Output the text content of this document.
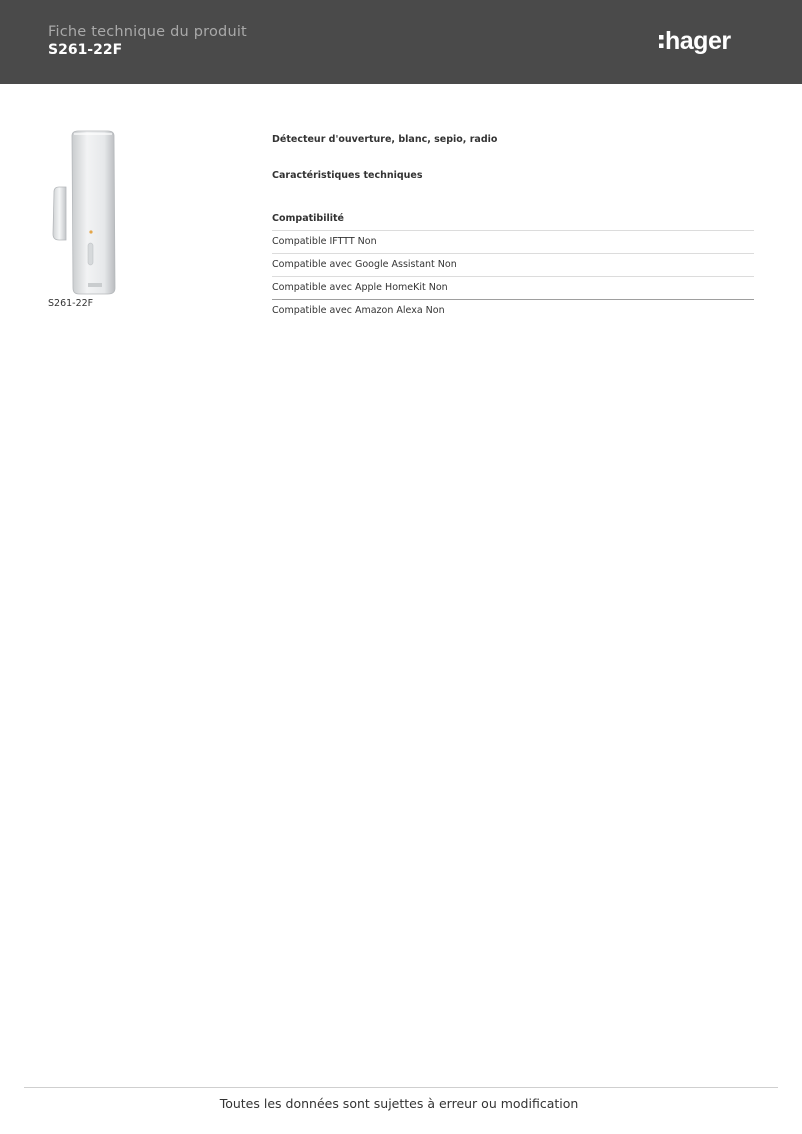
Fiche technique du produit
S261-22F	hager
S261-22F
Détecteur d'ouverture, blanc, sepio, radio
Caractéristiques techniques
Compatibilité
Compatible IFTTT Non
Compatible avec Google Assistant Non
Compatible avec Apple HomeKit Non
Compatible avec Amazon Alexa Non
Toutes les données sont sujettes à erreur ou modification
